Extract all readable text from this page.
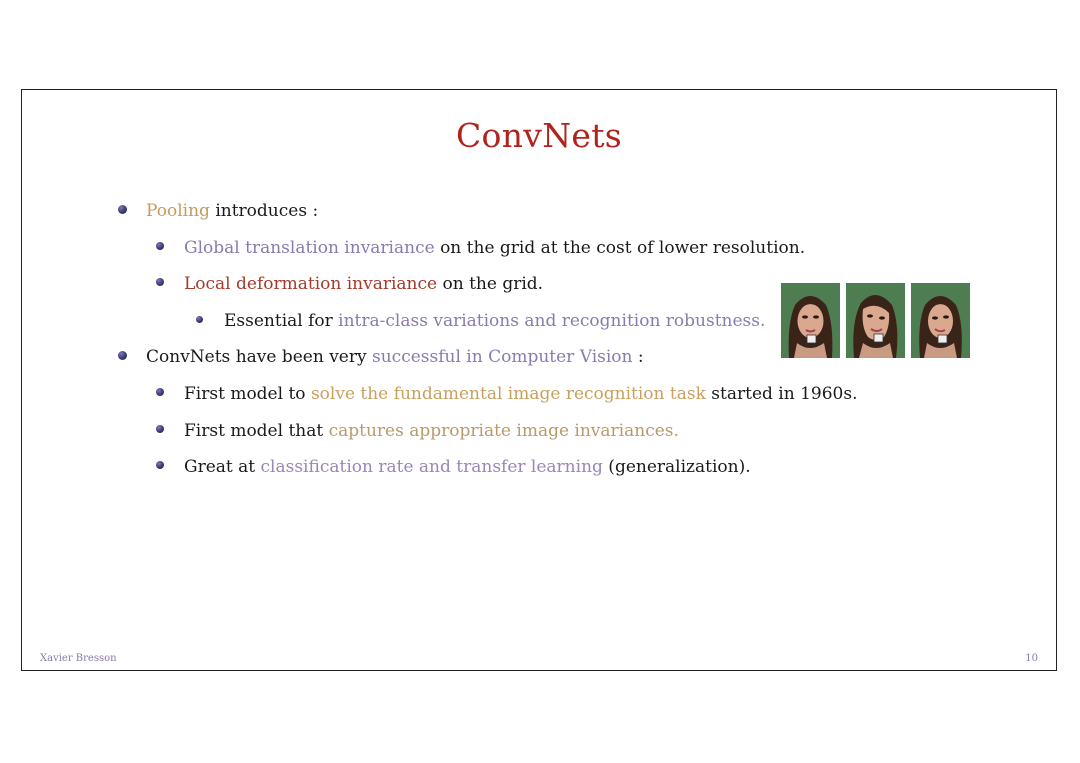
ConvNets
Pooling introduces :
Global translation invariance on the grid at the cost of lower resolution.
Local deformation invariance on the grid.
Essential for intra-class variations and recognition robustness.
ConvNets have been very successful in Computer Vision :
First model to solve the fundamental image recognition task started in 1960s.
First model that captures appropriate image invariances.
Great at classification rate and transfer learning (generalization).
Xavier Bresson	10
